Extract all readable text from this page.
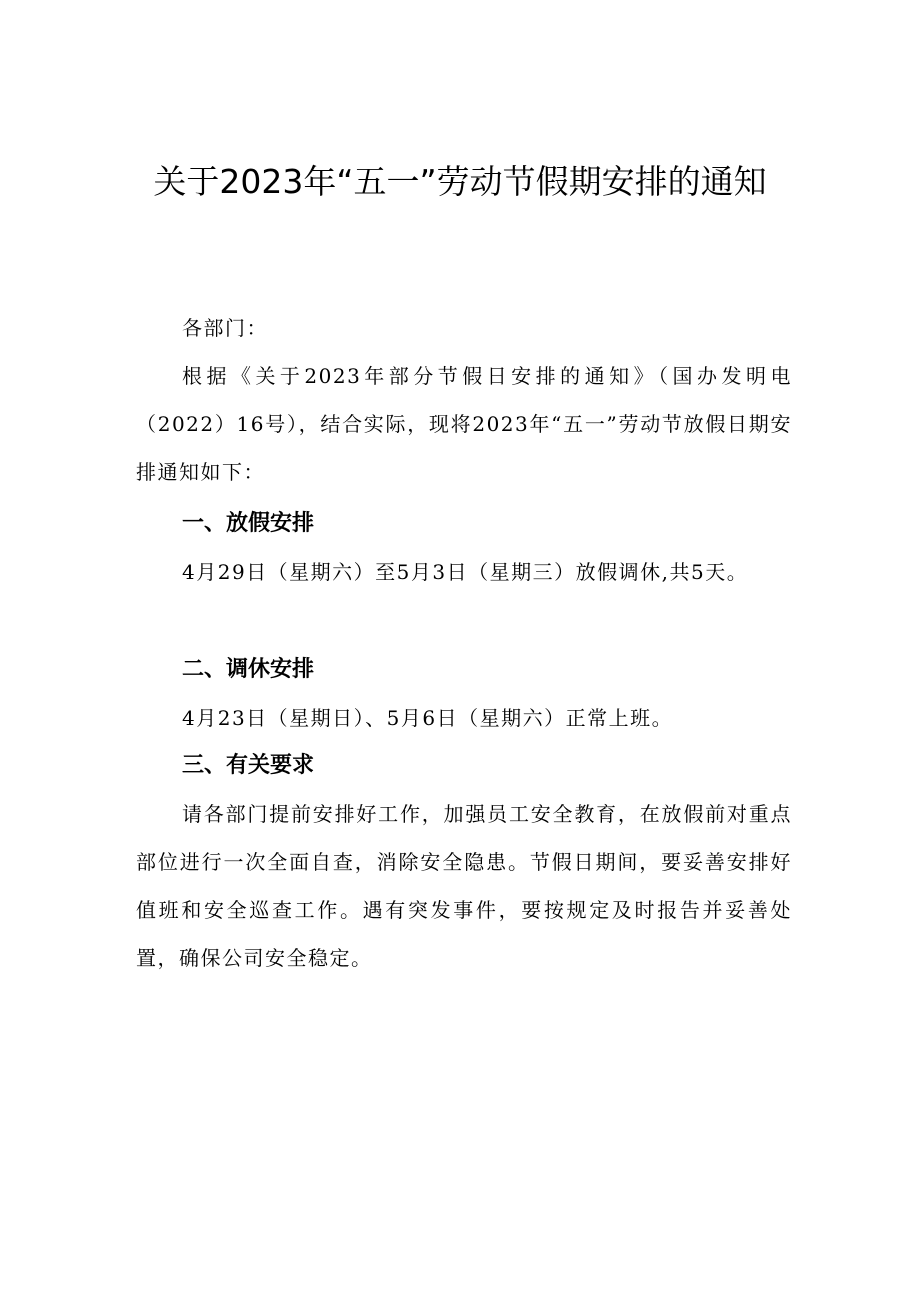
关于2023年“五一”劳动节假期安排的通知
各部门：
根据《关于2023年部分节假日安排的通知》（国办发明电（2022）16号），结合实际，现将2023年“五一”劳动节放假日期安排通知如下：
一、放假安排
4月29日（星期六）至5月3日（星期三）放假调休,共5天。
二、调休安排
4月23日（星期日）、5月6日（星期六）正常上班。
三、有关要求
请各部门提前安排好工作，加强员工安全教育，在放假前对重点部位进行一次全面自查，消除安全隐患。节假日期间，要妥善安排好值班和安全巡查工作。遇有突发事件，要按规定及时报告并妥善处置，确保公司安全稳定。
